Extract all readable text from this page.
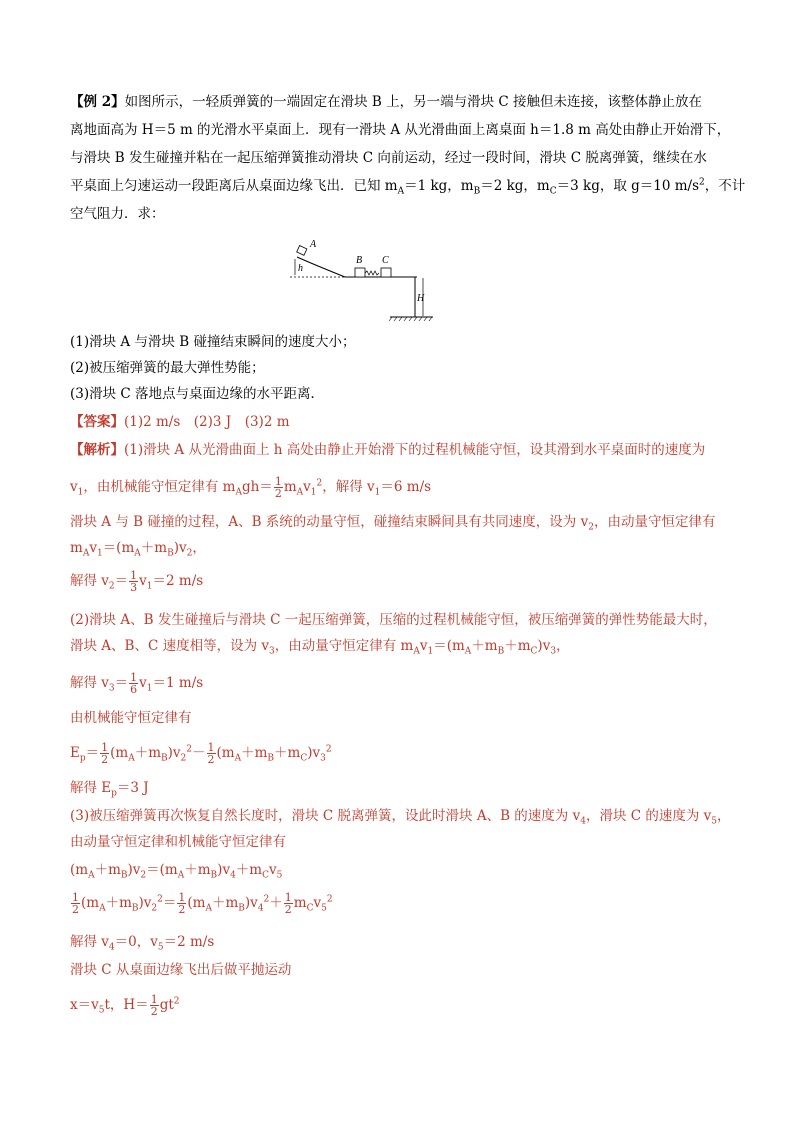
【例 2】如图所示，一轻质弹簧的一端固定在滑块 B 上，另一端与滑块 C 接触但未连接，该整体静止放在
离地面高为 H＝5 m 的光滑水平桌面上．现有一滑块 A 从光滑曲面上离桌面 h＝1.8 m 高处由静止开始滑下，
与滑块 B 发生碰撞并粘在一起压缩弹簧推动滑块 C 向前运动，经过一段时间，滑块 C 脱离弹簧，继续在水
平桌面上匀速运动一段距离后从桌面边缘飞出．已知 $m_A=1$ kg，$m_B=2$ kg，$m_C=3$ kg，取 g＝10 $m/s^2$，不计
空气阻力．求：
A
h
B C
H
(1)滑块 A 与滑块 B 碰撞结束瞬间的速度大小；
(2)被压缩弹簧的最大弹性势能；
(3)滑块 C 落地点与桌面边缘的水平距离．
【答案】(1)2 m/s　(2)3 J　(3)2 m
【解析】(1)滑块 A 从光滑曲面上 h 高处由静止开始滑下的过程机械能守恒，设其滑到水平桌面时的速度为
$v_1$，由机械能守恒定律有 $m_Agh= \frac{1}{2} m_Av_1^2$，解得 $v_1=6$ m/s
滑块 A 与 B 碰撞的过程，A、B 系统的动量守恒，碰撞结束瞬间具有共同速度，设为 $v_2$，由动量守恒定律有
$m_Av_1=(m_A+m_B)v_2$，
解得 $v_2= \frac{1}{3} v_1=2$ m/s
(2)滑块 A、B 发生碰撞后与滑块 C 一起压缩弹簧，压缩的过程机械能守恒，被压缩弹簧的弹性势能最大时，
滑块 A、B、C 速度相等，设为 $v_3$，由动量守恒定律有 $m_Av_1=(m_A+m_B+m_C)v_3$，
解得 $v_3= \frac{1}{6} v_1=1$ m/s
由机械能守恒定律有
$E_p= \frac{1}{2} (m_A+m_B)v_2^2- \frac{1}{2} (m_A+m_B+m_C)v_3^2$
解得 $E_p=3$ J
(3)被压缩弹簧再次恢复自然长度时，滑块 C 脱离弹簧，设此时滑块 A、B 的速度为 $v_4$，滑块 C 的速度为 $v_5$，
由动量守恒定律和机械能守恒定律有
$(m_A+m_B)v_2=(m_A+m_B)v_4+m_Cv_5$
$\frac{1}{2} (m_A+m_B)v_2^2= \frac{1}{2} (m_A+m_B)v_4^2+ \frac{1}{2} m_Cv_5^2$
解得 $v_4=0$，$v_5=2$ m/s
滑块 C 从桌面边缘飞出后做平抛运动
$x=v_5t$，$H= \frac{1}{2} gt^2$
